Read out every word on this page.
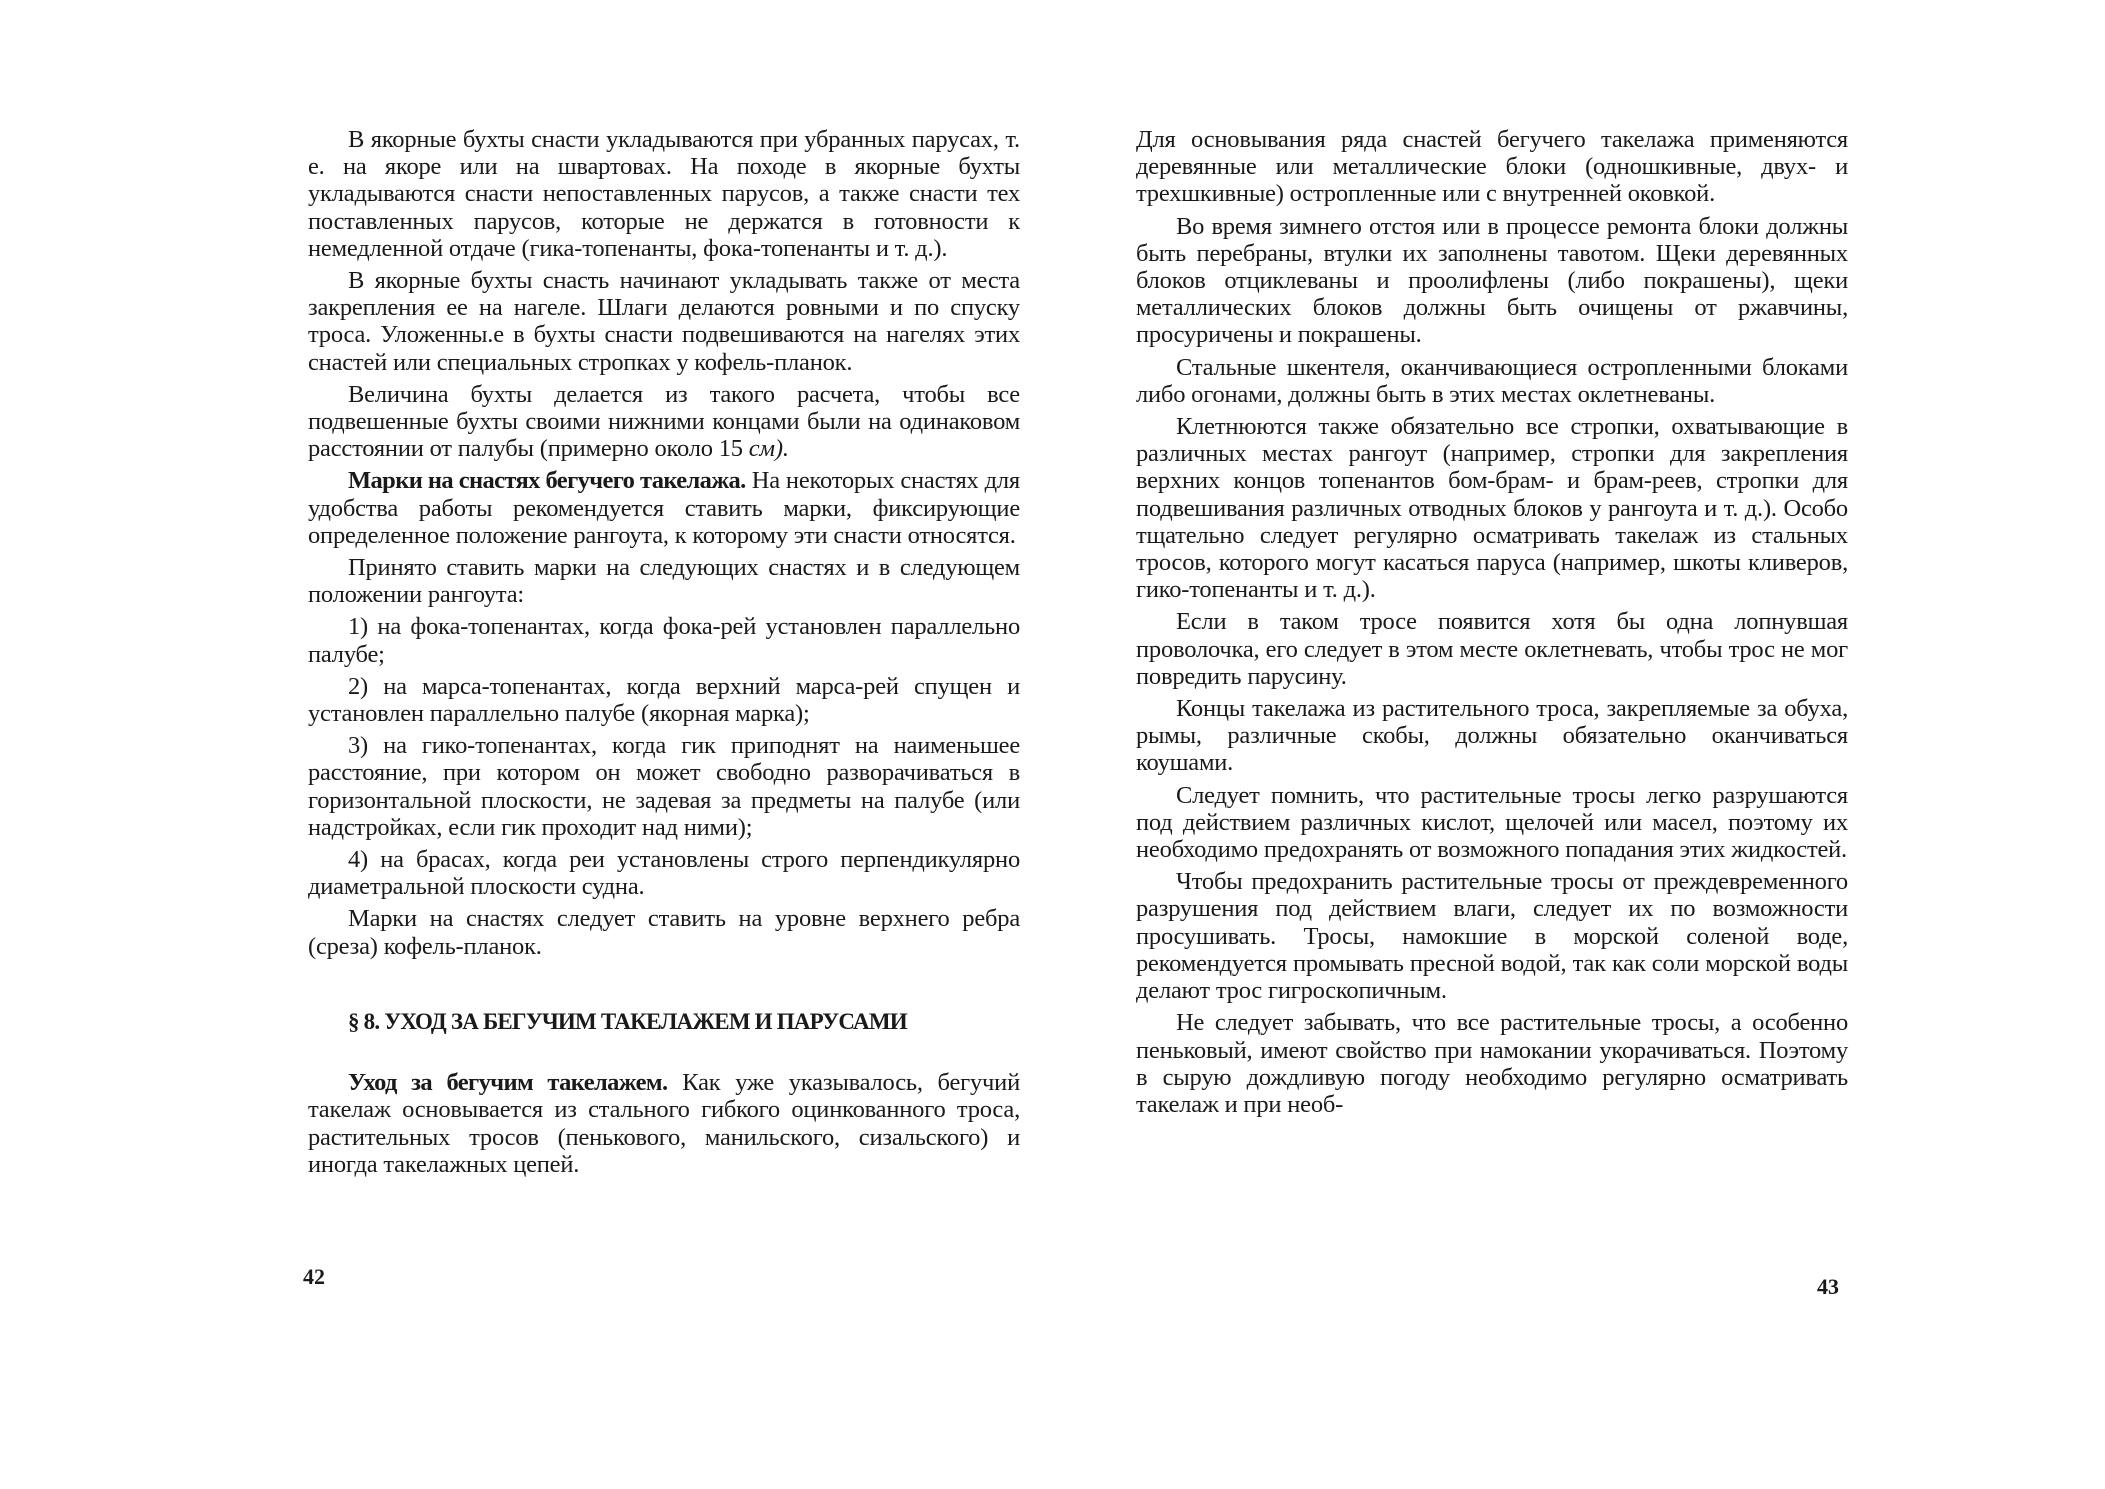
В якорные бухты снасти укладываются при убранных парусах, т. е. на якоре или на швартовах. На походе в якорные бухты укладываются снасти непоставленных парусов, а также снасти тех поставленных парусов, которые не держатся в готовности к немедленной отдаче (гика-топенанты, фока-топенанты и т. д.).

В якорные бухты снасть начинают укладывать также от места закрепления ее на нагеле. Шлаги делаются ровными и по спуску троса. Уложенны.е в бухты снасти подвешиваются на нагелях этих снастей или специальных стропках у кофель-планок.

Величина бухты делается из такого расчета, чтобы все подвешенные бухты своими нижними концами были на одинаковом расстоянии от палубы (примерно около 15 см).

Марки на снастях бегучего такелажа. На некоторых снастях для удобства работы рекомендуется ставить марки, фиксирующие определенное положение рангоута, к которому эти снасти относятся.

Принято ставить марки на следующих снастях и в следующем положении рангоута:

1) на фока-топенантах, когда фока-рей установлен параллельно палубе;

2) на марса-топенантах, когда верхний марса-рей спущен и установлен параллельно палубе (якорная марка);

3) на гико-топенантах, когда гик приподнят на наименьшее расстояние, при котором он может свободно разворачиваться в горизонтальной плоскости, не задевая за предметы на палубе (или надстройках, если гик проходит над ними);

4) на брасах, когда реи установлены строго перпендикулярно диаметральной плоскости судна.

Марки на снастях следует ставить на уровне верхнего ребра (среза) кофель-планок.

§ 8. УХОД ЗА БЕГУЧИМ ТАКЕЛАЖЕМ И ПАРУСАМИ

Уход за бегучим такелажем. Как уже указывалось, бегучий такелаж основывается из стального гибкого оцинкованного троса, растительных тросов (пенькового, манильского, сизальского) и иногда такелажных цепей.

42

Для основывания ряда снастей бегучего такелажа применяются деревянные или металлические блоки (одношкивные, двух- и трехшкивные) остропленные или с внутренней оковкой.

Во время зимнего отстоя или в процессе ремонта блоки должны быть перебраны, втулки их заполнены тавотом. Щеки деревянных блоков отциклеваны и проолифлены (либо покрашены), щеки металлических блоков должны быть очищены от ржавчины, просуричены и покрашены.

Стальные шкентеля, оканчивающиеся остропленными блоками либо огонами, должны быть в этих местах оклетневаны.

Клетнюются также обязательно все стропки, охватывающие в различных местах рангоут (например, стропки для закрепления верхних концов топенантов бом-брам- и брам-реев, стропки для подвешивания различных отводных блоков у рангоута и т. д.). Особо тщательно следует регулярно осматривать такелаж из стальных тросов, которого могут касаться паруса (например, шкоты кливеров, гико-топенанты и т. д.).

Если в таком тросе появится хотя бы одна лопнувшая проволочка, его следует в этом месте оклетневать, чтобы трос не мог повредить парусину.

Концы такелажа из растительного троса, закрепляемые за обуха, рымы, различные скобы, должны обязательно оканчиваться коушами.

Следует помнить, что растительные тросы легко разрушаются под действием различных кислот, щелочей или масел, поэтому их необходимо предохранять от возможного попадания этих жидкостей.

Чтобы предохранить растительные тросы от преждевременного разрушения под действием влаги, следует их по возможности просушивать. Тросы, намокшие в морской соленой воде, рекомендуется промывать пресной водой, так как соли морской воды делают трос гигроскопичным.

Не следует забывать, что все растительные тросы, а особенно пеньковый, имеют свойство при намокании укорачиваться. Поэтому в сырую дождливую погоду необходимо регулярно осматривать такелаж и при необ-

43
